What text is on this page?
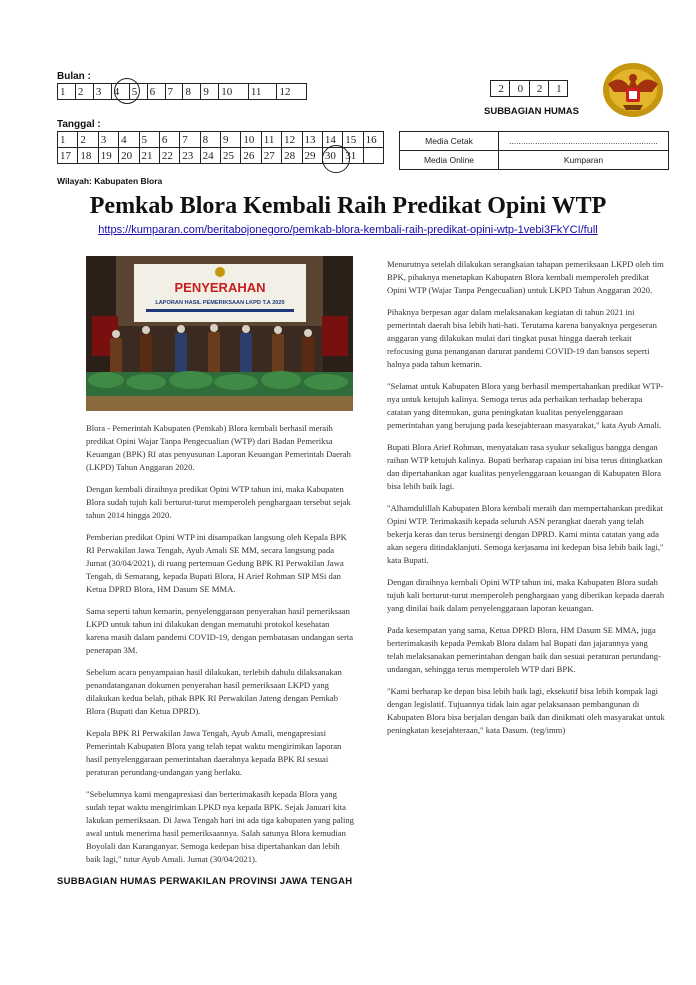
Bulan :
1	2	3	4	5	6	7	8	9	10	11	12	2	0	2	1
SUBBAGIAN HUMAS
Tanggal :
1	2	3	4	5	6	7	8	9	10	11	12	13	14	15	16
17	18	19	20	21	22	23	24	25	26	27	28	29	30	31	
Media Cetak	...............................................................
Media Online	Kumparan
Wilayah: Kabupaten Blora
Pemkab Blora Kembali Raih Predikat Opini WTP
https://kumparan.com/beritabojonegoro/pemkab-blora-kembali-raih-predikat-opini-wtp-1vebi3FkYCI/full
PENYERAHAN
LAPORAN HASIL PEMERIKSAAN LKPD T.A 2020

Blora - Pemerintah Kabupaten (Pemkab) Blora kembali berhasil meraih predikat Opini Wajar Tanpa Pengecualian (WTP) dari Badan Pemeriksa Keuangan (BPK) RI atas penyusunan Laporan Keuangan Pemerintah Daerah (LKPD) Tahun Anggaran 2020.

Dengan kembali diraihnya predikat Opini WTP tahun ini, maka Kabupaten Blora sudah tujuh kali berturut-turut memperoleh penghargaan tersebut sejak tahun 2014 hingga 2020.

Pemberian predikat Opini WTP ini disampaikan langsung oleh Kepala BPK RI Perwakilan Jawa Tengah, Ayub Amali SE MM, secara langsung pada Jumat (30/04/2021), di ruang pertemuan Gedung BPK RI Perwakilan Jawa Tengah, di Semarang, kepada Bupati Blora, H Arief Rohman SIP MSi dan Ketua DPRD Blora, HM Dasum SE MMA.

Sama seperti tahun kemarin, penyelenggaraan penyerahan hasil pemeriksaan LKPD untuk tahun ini dilakukan dengan mematuhi protokol kesehatan karena masih dalam pandemi COVID-19, dengan pembatasan undangan serta penerapan 3M.

Sebelum acara penyampaian hasil dilakukan, terlebih dahulu dilaksanakan penandatanganan dokumen penyerahan hasil pemeriksaan LKPD yang dilakukan kedua belah, pihak BPK RI Perwakilan Jateng dengan Pemkab Blora (Bupati dan Ketua DPRD).

Kepala BPK RI Perwakilan Jawa Tengah, Ayub Amali, mengapresiasi Pemerintah Kabupaten Blora yang telah tepat waktu mengirimkan laporan hasil penyelenggaraan pemerintahan daerahnya kepada BPK RI sesuai peraturan perundang-undangan yang berlaku.

"Sebelumnya kami mengapresiasi dan berterimakasih kepada Blora yang sudah tepat waktu mengirimkan LPKD nya kepada BPK. Sejak Januari kita lakukan pemeriksaan. Di Jawa Tengah hari ini ada tiga kabupaten yang paling awal untuk menerima hasil pemeriksaannya. Salah satunya Blora kemudian Boyolali dan Karanganyar. Semoga kedepan bisa dipertahankan dan lebih baik lagi," tutur Ayub Amali. Jumat (30/04/2021).

Menurutnya setelah dilakukan serangkaian tahapan pemeriksaan LKPD oleh tim BPK, pihaknya menetapkan Kabupaten Blora kembali memperoleh predikat Opini WTP (Wajar Tanpa Pengecualian) untuk LKPD Tahun Anggaran 2020.

Pihaknya berpesan agar dalam melaksanakan kegiatan di tahun 2021 ini pemerintah daerah bisa lebih hati-hati. Terutama karena banyaknya pergeseran anggaran yang dilakukan mulai dari tingkat pusat hingga daerah terkait refocusing guna penanganan darurat pandemi COVID-19 dan bansos seperti halnya pada tahun kemarin.

"Selamat untuk Kabupaten Blora yang berhasil mempertahankan predikat WTP-nya untuk ketujuh kalinya. Semoga terus ada perbaikan terhadap beberapa catatan yang ditemukan, guna peningkatan kualitas penyelenggaraan pemerintahan yang berujung pada kesejahteraan masyarakat," kata Ayub Amali.

Bupati Blora Arief Rohman, menyatakan rasa syukur sekaligus bangga dengan raihan WTP ketujuh kalinya. Bupati berharap capaian ini bisa terus ditingkatkan dan dipertahankan agar kualitas penyelenggaraan keuangan di Kabupaten Blora bisa lebih baik lagi.

"Alhamdulillah Kabupaten Blora kembali meraih dan mempertahankan predikat Opini WTP. Terimakasih kepada seluruh ASN perangkat daerah yang telah bekerja keras dan terus bersinergi dengan DPRD. Kami minta catatan yang ada akan segera ditindaklanjuti. Semoga kerjasama ini kedepan bisa lebih baik lagi," kata Bupati.

Dengan diraihnya kembali Opini WTP tahun ini, maka Kabupaten Blora sudah tujuh kali berturut-turut memperoleh penghargaan yang diberikan kepada daerah yang dinilai baik dalam penyelenggaraan laporan keuangan.

Pada kesempatan yang sama, Ketua DPRD Blora, HM Dasum SE MMA, juga berterimakasih kepada Pemkab Blora dalam hal Bupati dan jajarannya yang telah melaksanakan pemerintahan dengan baik dan sesuai peraturan perundang-undangan, sehingga terus memperoleh WTP dari BPK.

"Kami berharap ke depan bisa lebih baik lagi, eksekutif bisa lebih kompak lagi dengan legislatif. Tujuannya tidak lain agar pelaksanaan pembangunan di Kabupaten Blora bisa berjalan dengan baik dan dinikmati oleh masyarakat untuk peningkatan kesejahteraan," kata Dasum. (teg/imm)

SUBBAGIAN HUMAS PERWAKILAN PROVINSI JAWA TENGAH
